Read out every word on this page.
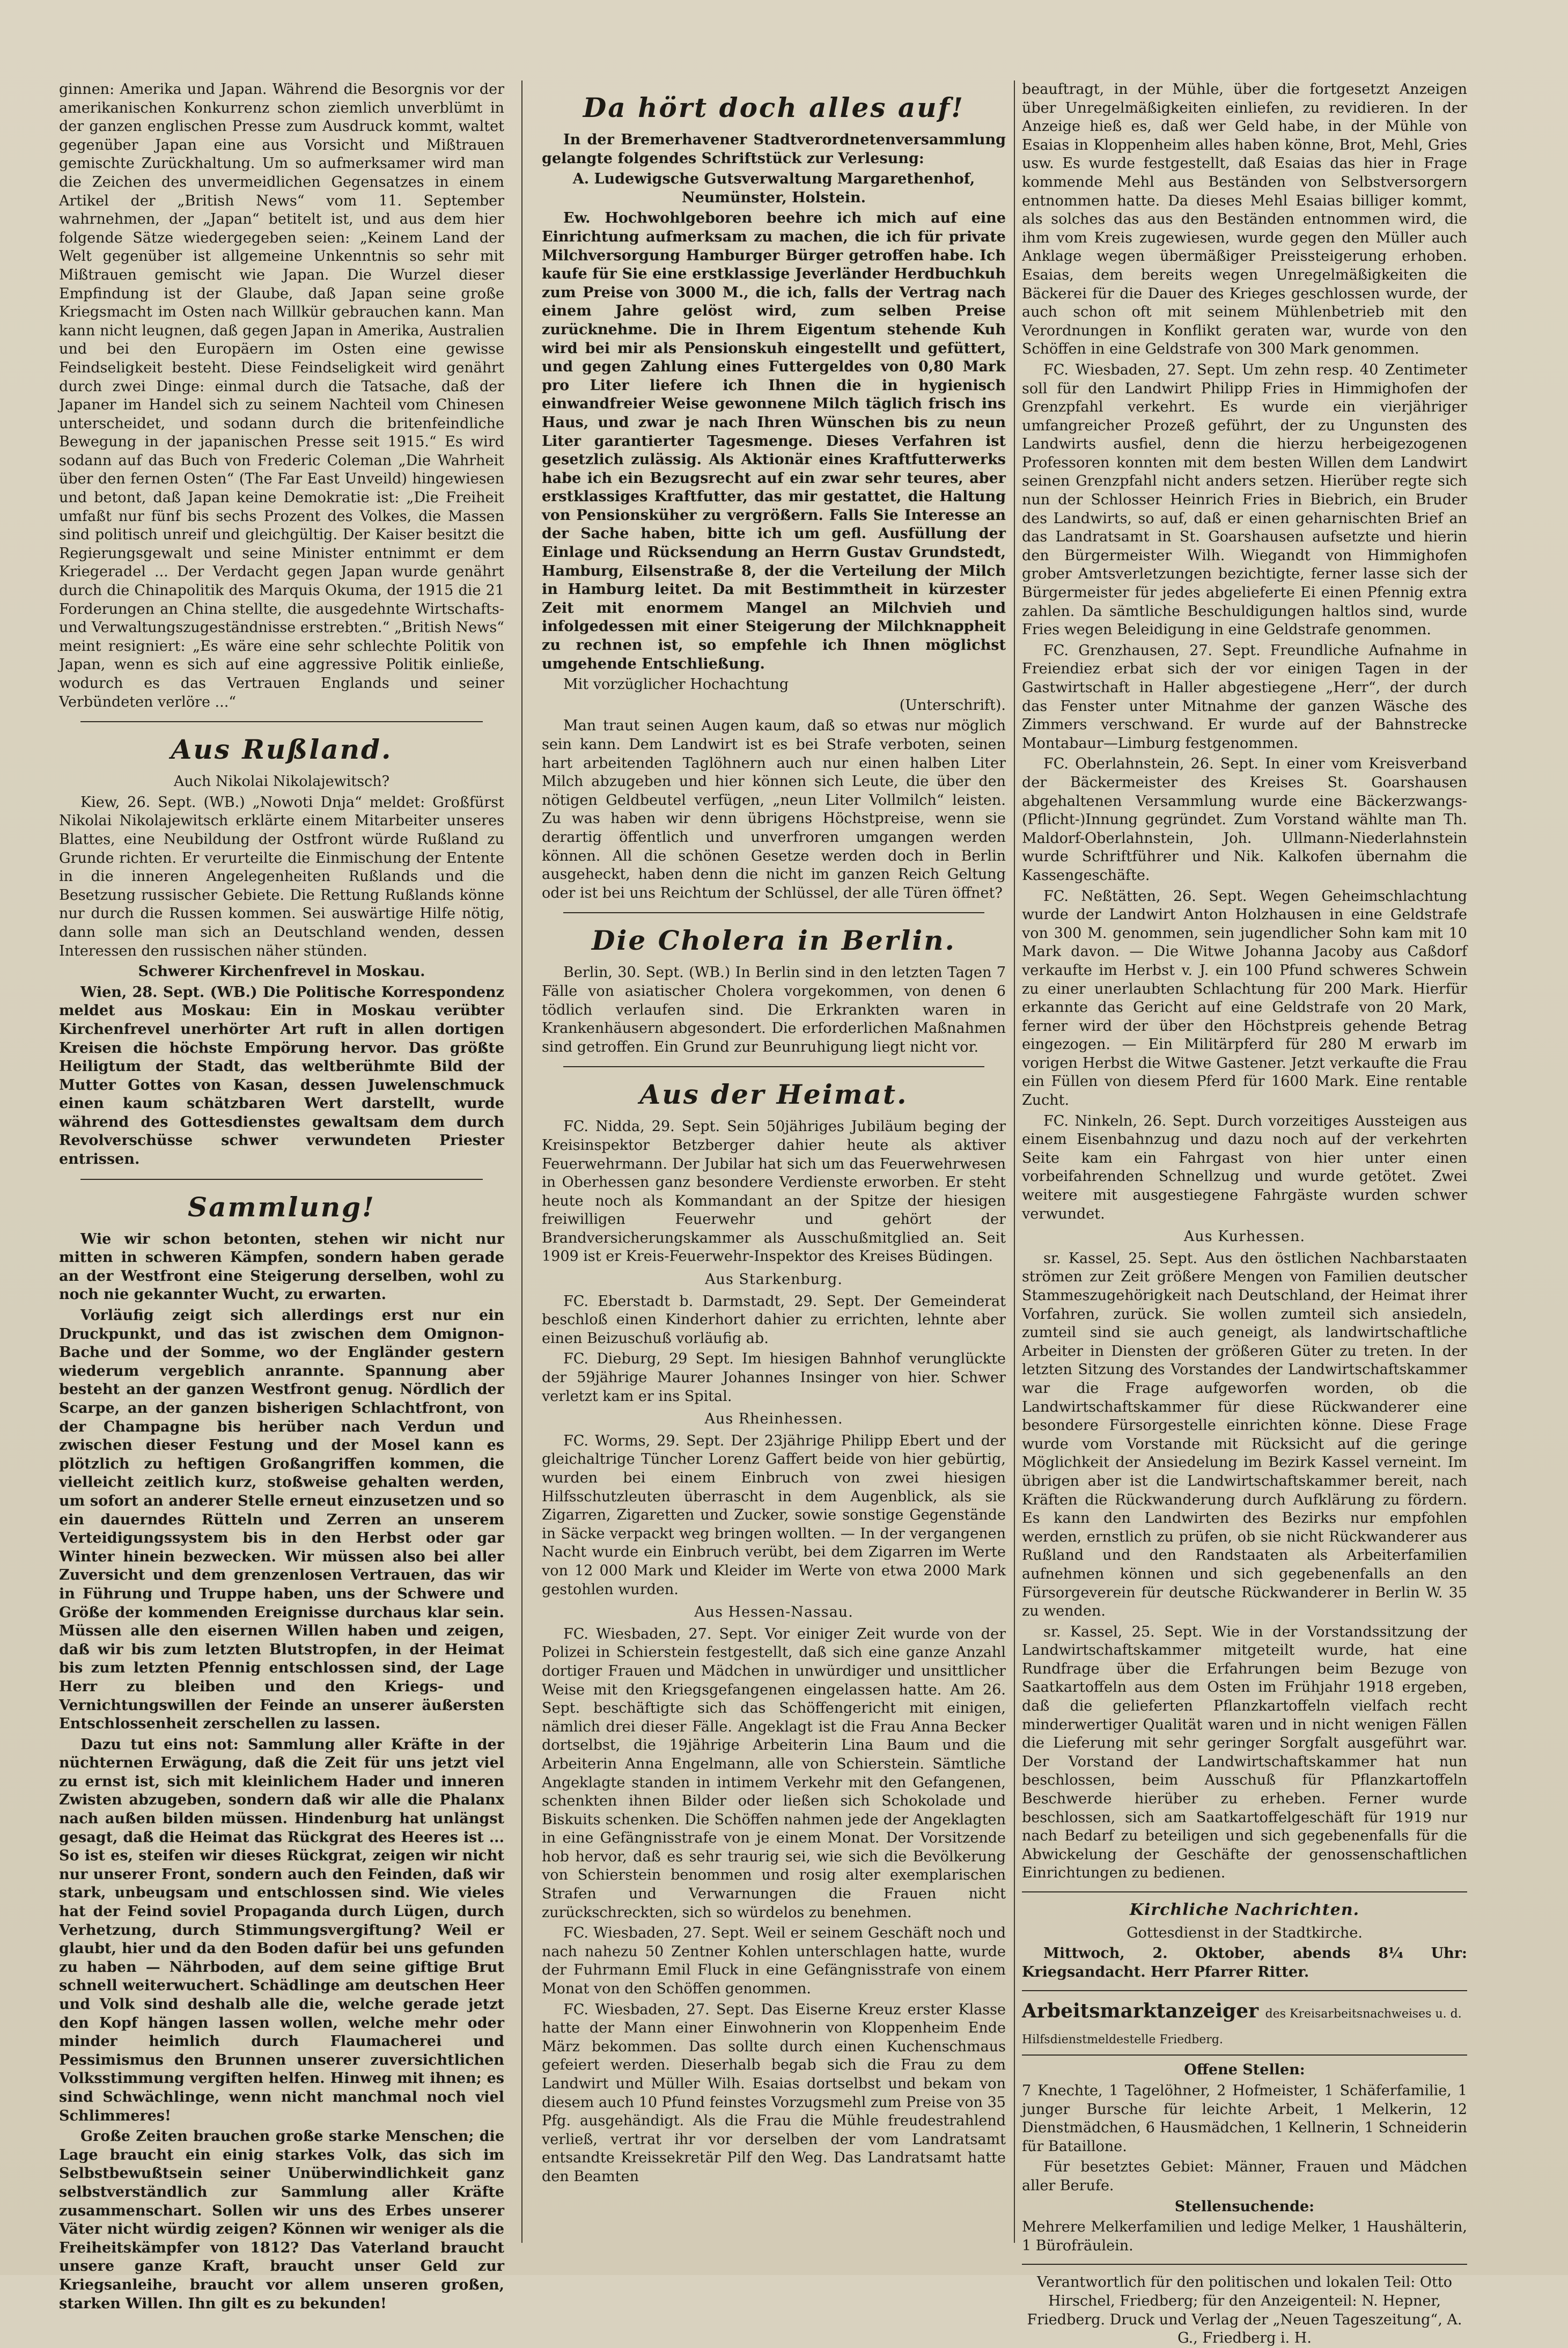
ginnen: Amerika und Japan. Während die Besorgnis vor der amerikanischen Konkurrenz schon ziemlich unverblümt in der ganzen englischen Presse zum Ausdruck kommt, waltet gegenüber Japan eine aus Vorsicht und Mißtrauen gemischte Zurückhaltung. Um so aufmerksamer wird man die Zeichen des unvermeidlichen Gegensatzes in einem Artikel der „British News“ vom 11. September wahrnehmen, der „Japan“ betitelt ist, und aus dem hier folgende Sätze wiedergegeben seien: „Keinem Land der Welt gegenüber ist allgemeine Unkenntnis so sehr mit Mißtrauen gemischt wie Japan. Die Wurzel dieser Empfindung ist der Glaube, daß Japan seine große Kriegsmacht im Osten nach Willkür gebrauchen kann. Man kann nicht leugnen, daß gegen Japan in Amerika, Australien und bei den Europäern im Osten eine gewisse Feindseligkeit besteht. Diese Feindseligkeit wird genährt durch zwei Dinge: einmal durch die Tatsache, daß der Japaner im Handel sich zu seinem Nachteil vom Chinesen unterscheidet, und sodann durch die britenfeindliche Bewegung in der japanischen Presse seit 1915.“ Es wird sodann auf das Buch von Frederic Coleman „Die Wahrheit über den fernen Osten“ (The Far East Unveild) hingewiesen und betont, daß Japan keine Demokratie ist: „Die Freiheit umfaßt nur fünf bis sechs Prozent des Volkes, die Massen sind politisch unreif und gleichgültig. Der Kaiser besitzt die Regierungsgewalt und seine Minister entnimmt er dem Kriegeradel ... Der Verdacht gegen Japan wurde genährt durch die Chinapolitik des Marquis Okuma, der 1915 die 21 Forderungen an China stellte, die ausgedehnte Wirtschafts- und Verwaltungszugeständnisse erstrebten.“ „British News“ meint resigniert: „Es wäre eine sehr schlechte Politik von Japan, wenn es sich auf eine aggressive Politik einließe, wodurch es das Vertrauen Englands und seiner Verbündeten verlöre ...“

Aus Rußland.

Auch Nikolai Nikolajewitsch?

Kiew, 26. Sept. (WB.) „Nowoti Dnja“ meldet: Großfürst Nikolai Nikolajewitsch erklärte einem Mitarbeiter unseres Blattes, eine Neubildung der Ostfront würde Rußland zu Grunde richten. Er verurteilte die Einmischung der Entente in die inneren Angelegenheiten Rußlands und die Besetzung russischer Gebiete. Die Rettung Rußlands könne nur durch die Russen kommen. Sei auswärtige Hilfe nötig, dann solle man sich an Deutschland wenden, dessen Interessen den russischen näher stünden.

Schwerer Kirchenfrevel in Moskau.

Wien, 28. Sept. (WB.) Die Politische Korrespondenz meldet aus Moskau: Ein in Moskau verübter Kirchenfrevel unerhörter Art ruft in allen dortigen Kreisen die höchste Empörung hervor. Das größte Heiligtum der Stadt, das weltberühmte Bild der Mutter Gottes von Kasan, dessen Juwelenschmuck einen kaum schätzbaren Wert darstellt, wurde während des Gottesdienstes gewaltsam dem durch Revolverschüsse schwer verwundeten Priester entrissen.

Sammlung!

Wie wir schon betonten, stehen wir nicht nur mitten in schweren Kämpfen, sondern haben gerade an der Westfront eine Steigerung derselben, wohl zu noch nie gekannter Wucht, zu erwarten.

Vorläufig zeigt sich allerdings erst nur ein Druckpunkt, und das ist zwischen dem Omignon-Bache und der Somme, wo der Engländer gestern wiederum vergeblich anrannte. Spannung aber besteht an der ganzen Westfront genug. Nördlich der Scarpe, an der ganzen bisherigen Schlachtfront, von der Champagne bis herüber nach Verdun und zwischen dieser Festung und der Mosel kann es plötzlich zu heftigen Großangriffen kommen, die vielleicht zeitlich kurz, stoßweise gehalten werden, um sofort an anderer Stelle erneut einzusetzen und so ein dauerndes Rütteln und Zerren an unserem Verteidigungssystem bis in den Herbst oder gar Winter hinein bezwecken. Wir müssen also bei aller Zuversicht und dem grenzenlosen Vertrauen, das wir in Führung und Truppe haben, uns der Schwere und Größe der kommenden Ereignisse durchaus klar sein. Müssen alle den eisernen Willen haben und zeigen, daß wir bis zum letzten Blutstropfen, in der Heimat bis zum letzten Pfennig entschlossen sind, der Lage Herr zu bleiben und den Kriegs- und Vernichtungswillen der Feinde an unserer äußersten Entschlossenheit zerschellen zu lassen.

Dazu tut eins not: Sammlung aller Kräfte in der nüchternen Erwägung, daß die Zeit für uns jetzt viel zu ernst ist, sich mit kleinlichem Hader und inneren Zwisten abzugeben, sondern daß wir alle die Phalanx nach außen bilden müssen. Hindenburg hat unlängst gesagt, daß die Heimat das Rückgrat des Heeres ist ... So ist es, steifen wir dieses Rückgrat, zeigen wir nicht nur unserer Front, sondern auch den Feinden, daß wir stark, unbeugsam und entschlossen sind. Wie vieles hat der Feind soviel Propaganda durch Lügen, durch Verhetzung, durch Stimmungsvergiftung? Weil er glaubt, hier und da den Boden dafür bei uns gefunden zu haben — Nährboden, auf dem seine giftige Brut schnell weiterwuchert. Schädlinge am deutschen Heer und Volk sind deshalb alle die, welche gerade jetzt den Kopf hängen lassen wollen, welche mehr oder minder heimlich durch Flaumacherei und Pessimismus den Brunnen unserer zuversichtlichen Volksstimmung vergiften helfen. Hinweg mit ihnen; es sind Schwächlinge, wenn nicht manchmal noch viel Schlimmeres!

Große Zeiten brauchen große starke Menschen; die Lage braucht ein einig starkes Volk, das sich im Selbstbewußtsein seiner Unüberwindlichkeit ganz selbstverständlich zur Sammlung aller Kräfte zusammenschart. Sollen wir uns des Erbes unserer Väter nicht würdig zeigen? Können wir weniger als die Freiheitskämpfer von 1812? Das Vaterland braucht unsere ganze Kraft, braucht unser Geld zur Kriegsanleihe, braucht vor allem unseren großen, starken Willen. Ihn gilt es zu bekunden!

Da hört doch alles auf!

In der Bremerhavener Stadtverordnetenversammlung gelangte folgendes Schriftstück zur Verlesung:

A. Ludewigsche Gutsverwaltung Margarethenhof, Neumünster, Holstein.

Ew. Hochwohlgeboren beehre ich mich auf eine Einrichtung aufmerksam zu machen, die ich für private Milchversorgung Hamburger Bürger getroffen habe. Ich kaufe für Sie eine erstklassige Jeverländer Herdbuchkuh zum Preise von 3000 M., die ich, falls der Vertrag nach einem Jahre gelöst wird, zum selben Preise zurücknehme. Die in Ihrem Eigentum stehende Kuh wird bei mir als Pensionskuh eingestellt und gefüttert, und gegen Zahlung eines Futtergeldes von 0,80 Mark pro Liter liefere ich Ihnen die in hygienisch einwandfreier Weise gewonnene Milch täglich frisch ins Haus, und zwar je nach Ihren Wünschen bis zu neun Liter garantierter Tagesmenge. Dieses Verfahren ist gesetzlich zulässig. Als Aktionär eines Kraftfutterwerks habe ich ein Bezugsrecht auf ein zwar sehr teures, aber erstklassiges Kraftfutter, das mir gestattet, die Haltung von Pensionsküher zu vergrößern. Falls Sie Interesse an der Sache haben, bitte ich um gefl. Ausfüllung der Einlage und Rücksendung an Herrn Gustav Grundstedt, Hamburg, Eilsenstraße 8, der die Verteilung der Milch in Hamburg leitet. Da mit Bestimmtheit in kürzester Zeit mit enormem Mangel an Milchvieh und infolgedessen mit einer Steigerung der Milchknappheit zu rechnen ist, so empfehle ich Ihnen möglichst umgehende Entschließung.

Mit vorzüglicher Hochachtung

(Unterschrift).

Man traut seinen Augen kaum, daß so etwas nur möglich sein kann. Dem Landwirt ist es bei Strafe verboten, seinen hart arbeitenden Taglöhnern auch nur einen halben Liter Milch abzugeben und hier können sich Leute, die über den nötigen Geldbeutel verfügen, „neun Liter Vollmilch“ leisten. Zu was haben wir denn übrigens Höchstpreise, wenn sie derartig öffentlich und unverfroren umgangen werden können. All die schönen Gesetze werden doch in Berlin ausgeheckt, haben denn die nicht im ganzen Reich Geltung oder ist bei uns Reichtum der Schlüssel, der alle Türen öffnet?

Die Cholera in Berlin.

Berlin, 30. Sept. (WB.) In Berlin sind in den letzten Tagen 7 Fälle von asiatischer Cholera vorgekommen, von denen 6 tödlich verlaufen sind. Die Erkrankten waren in Krankenhäusern abgesondert. Die erforderlichen Maßnahmen sind getroffen. Ein Grund zur Beunruhigung liegt nicht vor.

Aus der Heimat.

FC. Nidda, 29. Sept. Sein 50jähriges Jubiläum beging der Kreisinspektor Betzberger dahier heute als aktiver Feuerwehrmann. Der Jubilar hat sich um das Feuerwehrwesen in Oberhessen ganz besondere Verdienste erworben. Er steht heute noch als Kommandant an der Spitze der hiesigen freiwilligen Feuerwehr und gehört der Brandversicherungskammer als Ausschußmitglied an. Seit 1909 ist er Kreis-Feuerwehr-Inspektor des Kreises Büdingen.

Aus Starkenburg.

FC. Eberstadt b. Darmstadt, 29. Sept. Der Gemeinderat beschloß einen Kinderhort dahier zu errichten, lehnte aber einen Beizuschuß vorläufig ab.

FC. Dieburg, 29 Sept. Im hiesigen Bahnhof verunglückte der 59jährige Maurer Johannes Insinger von hier. Schwer verletzt kam er ins Spital.

Aus Rheinhessen.

FC. Worms, 29. Sept. Der 23jährige Philipp Ebert und der gleichaltrige Tüncher Lorenz Gaffert beide von hier gebürtig, wurden bei einem Einbruch von zwei hiesigen Hilfsschutzleuten überrascht in dem Augenblick, als sie Zigarren, Zigaretten und Zucker, sowie sonstige Gegenstände in Säcke verpackt weg bringen wollten. — In der vergangenen Nacht wurde ein Einbruch verübt, bei dem Zigarren im Werte von 12 000 Mark und Kleider im Werte von etwa 2000 Mark gestohlen wurden.

Aus Hessen-Nassau.

FC. Wiesbaden, 27. Sept. Vor einiger Zeit wurde von der Polizei in Schierstein festgestellt, daß sich eine ganze Anzahl dortiger Frauen und Mädchen in unwürdiger und unsittlicher Weise mit den Kriegsgefangenen eingelassen hatte. Am 26. Sept. beschäftigte sich das Schöffengericht mit einigen, nämlich drei dieser Fälle. Angeklagt ist die Frau Anna Becker dortselbst, die 19jährige Arbeiterin Lina Baum und die Arbeiterin Anna Engelmann, alle von Schierstein. Sämtliche Angeklagte standen in intimem Verkehr mit den Gefangenen, schenkten ihnen Bilder oder ließen sich Schokolade und Biskuits schenken. Die Schöffen nahmen jede der Angeklagten in eine Gefängnisstrafe von je einem Monat. Der Vorsitzende hob hervor, daß es sehr traurig sei, wie sich die Bevölkerung von Schierstein benommen und rosig alter exemplarischen Strafen und Verwarnungen die Frauen nicht zurückschreckten, sich so würdelos zu benehmen.

FC. Wiesbaden, 27. Sept. Weil er seinem Geschäft noch und nach nahezu 50 Zentner Kohlen unterschlagen hatte, wurde der Fuhrmann Emil Fluck in eine Gefängnisstrafe von einem Monat von den Schöffen genommen.

FC. Wiesbaden, 27. Sept. Das Eiserne Kreuz erster Klasse hatte der Mann einer Einwohnerin von Kloppenheim Ende März bekommen. Das sollte durch einen Kuchenschmaus gefeiert werden. Dieserhalb begab sich die Frau zu dem Landwirt und Müller Wilh. Esaias dortselbst und bekam von diesem auch 10 Pfund feinstes Vorzugsmehl zum Preise von 35 Pfg. ausgehändigt. Als die Frau die Mühle freudestrahlend verließ, vertrat ihr vor derselben der vom Landratsamt entsandte Kreissekretär Pilf den Weg. Das Landratsamt hatte den Beamten

beauftragt, in der Mühle, über die fortgesetzt Anzeigen über Unregelmäßigkeiten einliefen, zu revidieren. In der Anzeige hieß es, daß wer Geld habe, in der Mühle von Esaias in Kloppenheim alles haben könne, Brot, Mehl, Gries usw. Es wurde festgestellt, daß Esaias das hier in Frage kommende Mehl aus Beständen von Selbstversorgern entnommen hatte. Da dieses Mehl Esaias billiger kommt, als solches das aus den Beständen entnommen wird, die ihm vom Kreis zugewiesen, wurde gegen den Müller auch Anklage wegen übermäßiger Preissteigerung erhoben. Esaias, dem bereits wegen Unregelmäßigkeiten die Bäckerei für die Dauer des Krieges geschlossen wurde, der auch schon oft mit seinem Mühlenbetrieb mit den Verordnungen in Konflikt geraten war, wurde von den Schöffen in eine Geldstrafe von 300 Mark genommen.

FC. Wiesbaden, 27. Sept. Um zehn resp. 40 Zentimeter soll für den Landwirt Philipp Fries in Himmighofen der Grenzpfahl verkehrt. Es wurde ein vierjähriger umfangreicher Prozeß geführt, der zu Ungunsten des Landwirts ausfiel, denn die hierzu herbeigezogenen Professoren konnten mit dem besten Willen dem Landwirt seinen Grenzpfahl nicht anders setzen. Hierüber regte sich nun der Schlosser Heinrich Fries in Biebrich, ein Bruder des Landwirts, so auf, daß er einen geharnischten Brief an das Landratsamt in St. Goarshausen aufsetzte und hierin den Bürgermeister Wilh. Wiegandt von Himmighofen grober Amtsverletzungen bezichtigte, ferner lasse sich der Bürgermeister für jedes abgelieferte Ei einen Pfennig extra zahlen. Da sämtliche Beschuldigungen haltlos sind, wurde Fries wegen Beleidigung in eine Geldstrafe genommen.

FC. Grenzhausen, 27. Sept. Freundliche Aufnahme in Freiendiez erbat sich der vor einigen Tagen in der Gastwirtschaft in Haller abgestiegene „Herr“, der durch das Fenster unter Mitnahme der ganzen Wäsche des Zimmers verschwand. Er wurde auf der Bahnstrecke Montabaur—Limburg festgenommen.

FC. Oberlahnstein, 26. Sept. In einer vom Kreisverband der Bäckermeister des Kreises St. Goarshausen abgehaltenen Versammlung wurde eine Bäckerzwangs-(Pflicht-)Innung gegründet. Zum Vorstand wählte man Th. Maldorf-Oberlahnstein, Joh. Ullmann-Niederlahnstein wurde Schriftführer und Nik. Kalkofen übernahm die Kassengeschäfte.

FC. Neßtätten, 26. Sept. Wegen Geheimschlachtung wurde der Landwirt Anton Holzhausen in eine Geldstrafe von 300 M. genommen, sein jugendlicher Sohn kam mit 10 Mark davon. — Die Witwe Johanna Jacoby aus Caßdorf verkaufte im Herbst v. J. ein 100 Pfund schweres Schwein zu einer unerlaubten Schlachtung für 200 Mark. Hierfür erkannte das Gericht auf eine Geldstrafe von 20 Mark, ferner wird der über den Höchstpreis gehende Betrag eingezogen. — Ein Militärpferd für 280 M erwarb im vorigen Herbst die Witwe Gastener. Jetzt verkaufte die Frau ein Füllen von diesem Pferd für 1600 Mark. Eine rentable Zucht.

FC. Ninkeln, 26. Sept. Durch vorzeitiges Aussteigen aus einem Eisenbahnzug und dazu noch auf der verkehrten Seite kam ein Fahrgast von hier unter einen vorbeifahrenden Schnellzug und wurde getötet. Zwei weitere mit ausgestiegene Fahrgäste wurden schwer verwundet.

Aus Kurhessen.

sr. Kassel, 25. Sept. Aus den östlichen Nachbarstaaten strömen zur Zeit größere Mengen von Familien deutscher Stammeszugehörigkeit nach Deutschland, der Heimat ihrer Vorfahren, zurück. Sie wollen zumteil sich ansiedeln, zumteil sind sie auch geneigt, als landwirtschaftliche Arbeiter in Diensten der größeren Güter zu treten. In der letzten Sitzung des Vorstandes der Landwirtschaftskammer war die Frage aufgeworfen worden, ob die Landwirtschaftskammer für diese Rückwanderer eine besondere Fürsorgestelle einrichten könne. Diese Frage wurde vom Vorstande mit Rücksicht auf die geringe Möglichkeit der Ansiedelung im Bezirk Kassel verneint. Im übrigen aber ist die Landwirtschaftskammer bereit, nach Kräften die Rückwanderung durch Aufklärung zu fördern. Es kann den Landwirten des Bezirks nur empfohlen werden, ernstlich zu prüfen, ob sie nicht Rückwanderer aus Rußland und den Randstaaten als Arbeiterfamilien aufnehmen können und sich gegebenenfalls an den Fürsorgeverein für deutsche Rückwanderer in Berlin W. 35 zu wenden.

sr. Kassel, 25. Sept. Wie in der Vorstandssitzung der Landwirtschaftskammer mitgeteilt wurde, hat eine Rundfrage über die Erfahrungen beim Bezuge von Saatkartoffeln aus dem Osten im Frühjahr 1918 ergeben, daß die gelieferten Pflanzkartoffeln vielfach recht minderwertiger Qualität waren und in nicht wenigen Fällen die Lieferung mit sehr geringer Sorgfalt ausgeführt war. Der Vorstand der Landwirtschaftskammer hat nun beschlossen, beim Ausschuß für Pflanzkartoffeln Beschwerde hierüber zu erheben. Ferner wurde beschlossen, sich am Saatkartoffelgeschäft für 1919 nur nach Bedarf zu beteiligen und sich gegebenenfalls für die Abwickelung der Geschäfte der genossenschaftlichen Einrichtungen zu bedienen.

Kirchliche Nachrichten.

Gottesdienst in der Stadtkirche.

Mittwoch, 2. Oktober, abends 8¼ Uhr: Kriegsandacht. Herr Pfarrer Ritter.

Arbeitsmarktanzeiger des Kreisarbeitsnachweises u. d. Hilfsdienstmeldestelle Friedberg.

Offene Stellen:

7 Knechte, 1 Tagelöhner, 2 Hofmeister, 1 Schäferfamilie, 1 junger Bursche für leichte Arbeit, 1 Melkerin, 12 Dienstmädchen, 6 Hausmädchen, 1 Kellnerin, 1 Schneiderin für Bataillone.

Für besetztes Gebiet: Männer, Frauen und Mädchen aller Berufe.

Stellensuchende:

Mehrere Melkerfamilien und ledige Melker, 1 Haushälterin, 1 Bürofräulein.

Verantwortlich für den politischen und lokalen Teil: Otto Hirschel, Friedberg; für den Anzeigenteil: N. Hepner, Friedberg. Druck und Verlag der „Neuen Tageszeitung“, A. G., Friedberg i. H.
